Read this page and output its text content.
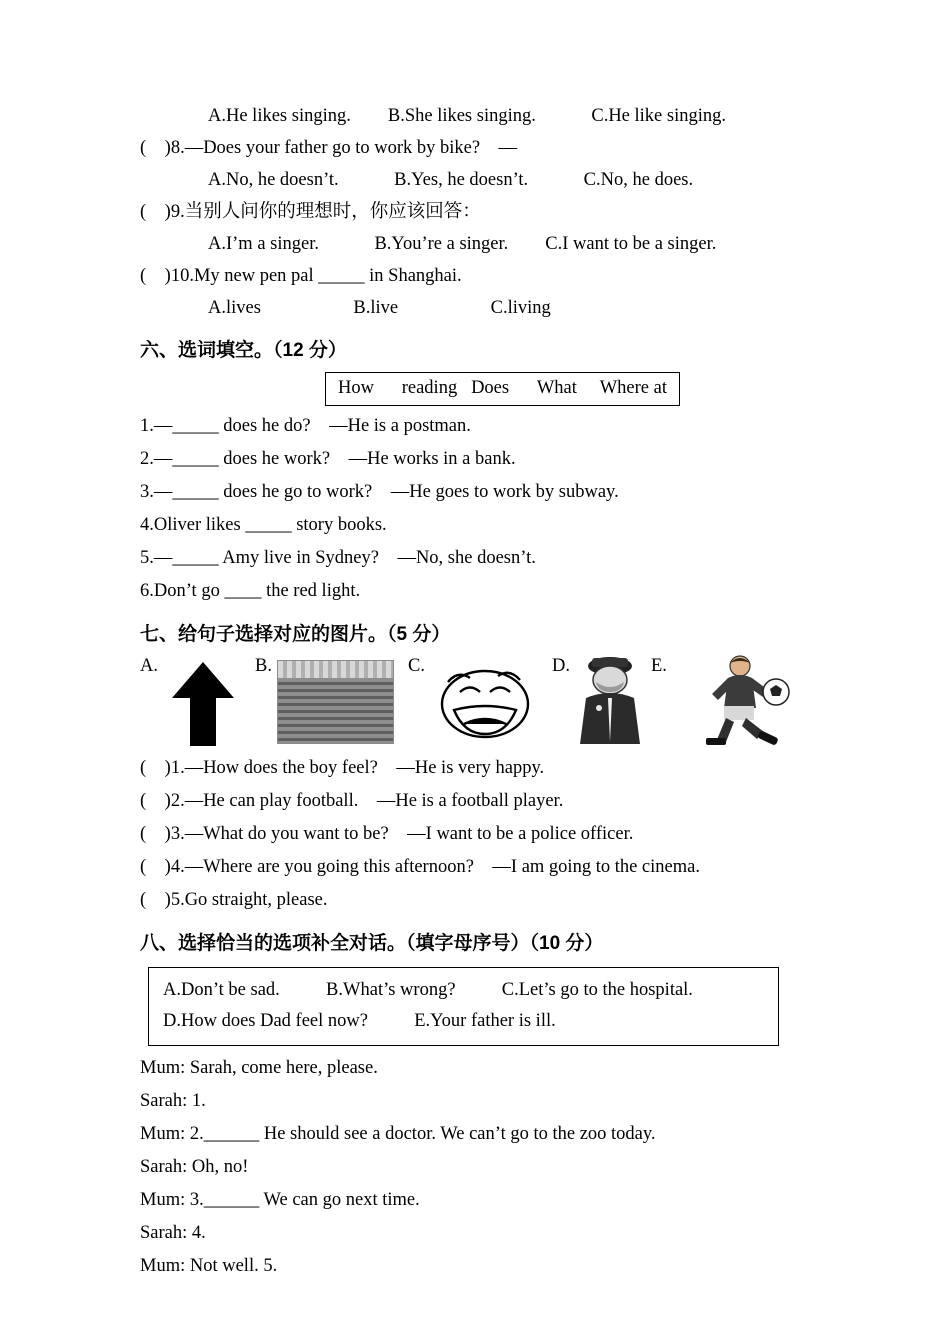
A.He likes singing.  B.She likes singing.   C.He like singing.
( )8.—Does your father go to work by bike? —
A.No, he doesn’t.   B.Yes, he doesn’t.   C.No, he does.
( )9.当别人问你的理想时，你应该回答：
A.I’m a singer.   B.You’re a singer.  C.I want to be a singer.
( )10.My new pen pal _____ in Shanghai.
A.lives     B.live     C.living
六、选词填空。（12 分）
How  reading  Does  What  Where at
1.—_____ does he do? —He is a postman.
2.—_____ does he work? —He works in a bank.
3.—_____ does he go to work? —He goes to work by subway.
4.Oliver likes _____ story books.
5.—_____ Amy live in Sydney? —No, she doesn’t.
6.Don’t go ____ the red light.
七、给句子选择对应的图片。（5 分）
A.	B.	C.	D.	E.
( )1.—How does the boy feel? —He is very happy.
( )2.—He can play football. —He is a football player.
( )3.—What do you want to be? —I want to be a police officer.
( )4.—Where are you going this afternoon? —I am going to the cinema.
( )5.Go straight, please.
八、选择恰当的选项补全对话。（填字母序号）（10 分）
A.Don’t be sad.   B.What’s wrong?   C.Let’s go to the hospital.
D.How does Dad feel now?   E.Your father is ill.
Mum: Sarah, come here, please.
Sarah: 1.
Mum: 2.______ He should see a doctor. We can’t go to the zoo today.
Sarah: Oh, no!
Mum: 3.______ We can go next time.
Sarah: 4.
Mum: Not well. 5.
